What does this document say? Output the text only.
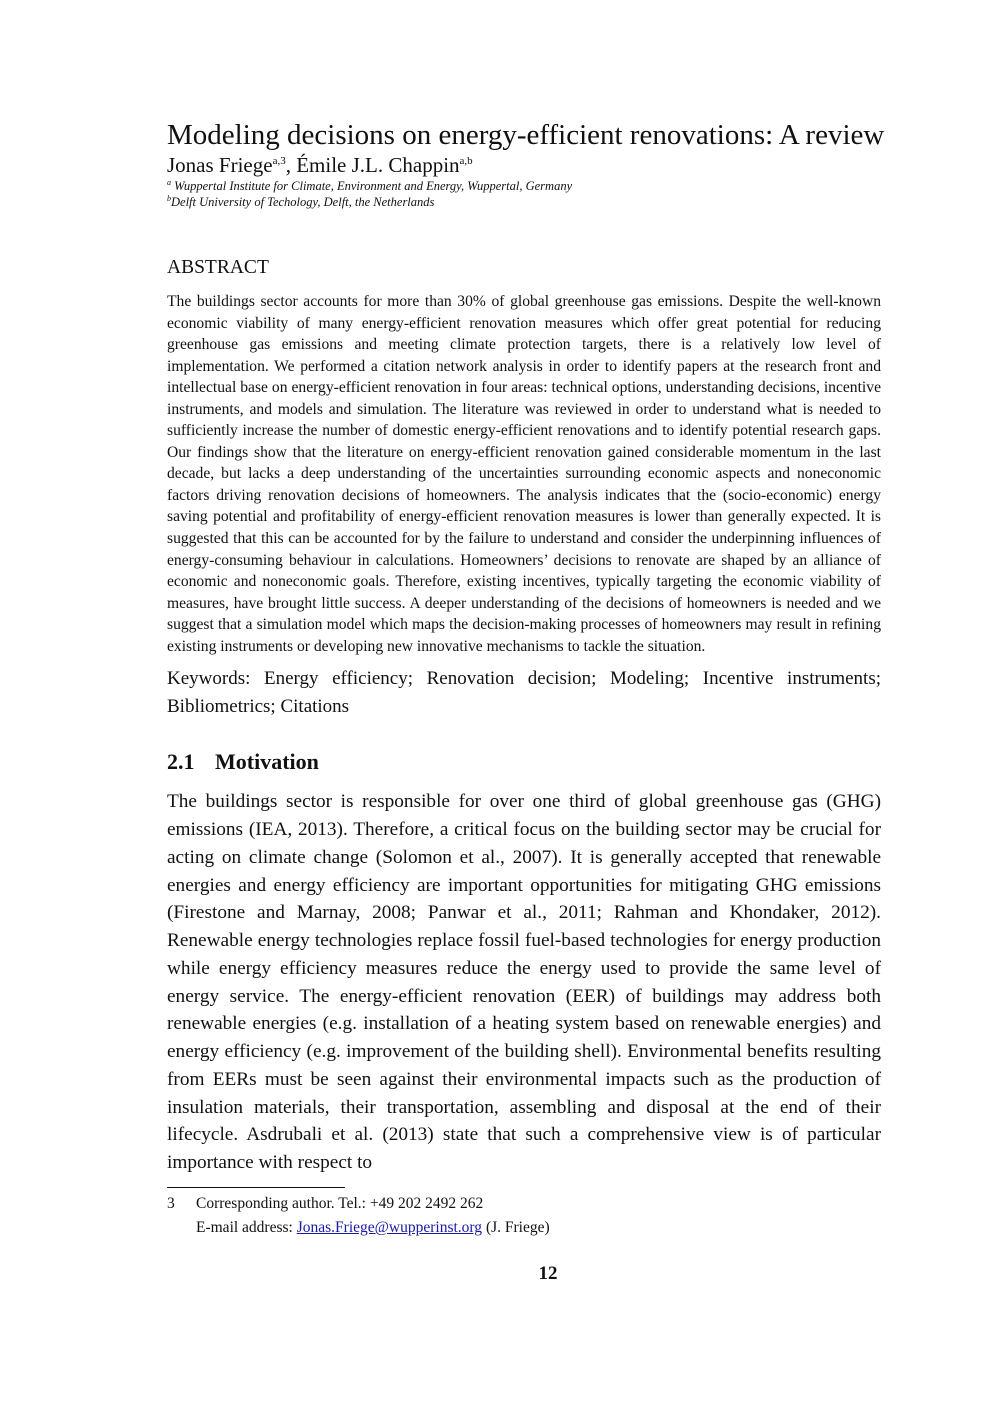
Modeling decisions on energy-efficient renovations: A review
Jonas Friege$^{a,3}$, Émile J.L. Chappin$^{a,b}$
$^a$ Wuppertal Institute for Climate, Environment and Energy, Wuppertal, Germany
$^b$Delft University of Techology, Delft, the Netherlands
ABSTRACT

The buildings sector accounts for more than 30% of global greenhouse gas emissions. Despite the well-known economic viability of many energy-efficient renovation measures which offer great potential for reducing greenhouse gas emissions and meeting climate protection targets, there is a relatively low level of implementation. We performed a citation network analysis in order to identify papers at the research front and intellectual base on energy-efficient renovation in four areas: technical options, understanding decisions, incentive instruments, and models and simulation. The literature was reviewed in order to understand what is needed to sufficiently increase the number of domestic energy-efficient renovations and to identify potential research gaps. Our findings show that the literature on energy-efficient renovation gained considerable momentum in the last decade, but lacks a deep understanding of the uncertainties surrounding economic aspects and noneconomic factors driving renovation decisions of homeowners. The analysis indicates that the (socio-economic) energy saving potential and profitability of energy-efficient renovation measures is lower than generally expected. It is suggested that this can be accounted for by the failure to understand and consider the underpinning influences of energy-consuming behaviour in calculations. Homeowners’ decisions to renovate are shaped by an alliance of economic and noneconomic goals. Therefore, existing incentives, typically targeting the economic viability of measures, have brought little success. A deeper understanding of the decisions of homeowners is needed and we suggest that a simulation model which maps the decision-making processes of homeowners may result in refining existing instruments or developing new innovative mechanisms to tackle the situation.

Keywords: Energy efficiency; Renovation decision; Modeling; Incentive instruments; Bibliometrics; Citations
2.1 Motivation

The buildings sector is responsible for over one third of global greenhouse gas (GHG) emissions (IEA, 2013). Therefore, a critical focus on the building sector may be crucial for acting on climate change (Solomon et al., 2007). It is generally accepted that renewable energies and energy efficiency are important opportunities for mitigating GHG emissions (Firestone and Marnay, 2008; Panwar et al., 2011; Rahman and Khondaker, 2012). Renewable energy technologies replace fossil fuel-based technologies for energy production while energy efficiency measures reduce the energy used to provide the same level of energy service. The energy-efficient renovation (EER) of buildings may address both renewable energies (e.g. installation of a heating system based on renewable energies) and energy efficiency (e.g. improvement of the building shell). Environmental benefits resulting from EERs must be seen against their environmental impacts such as the production of insulation materials, their transportation, assembling and disposal at the end of their lifecycle. Asdrubali et al. (2013) state that such a comprehensive view is of particular importance with respect to

3 Corresponding author. Tel.: +49 202 2492 262
E-mail address: Jonas.Friege@wupperinst.org (J. Friege)
12
